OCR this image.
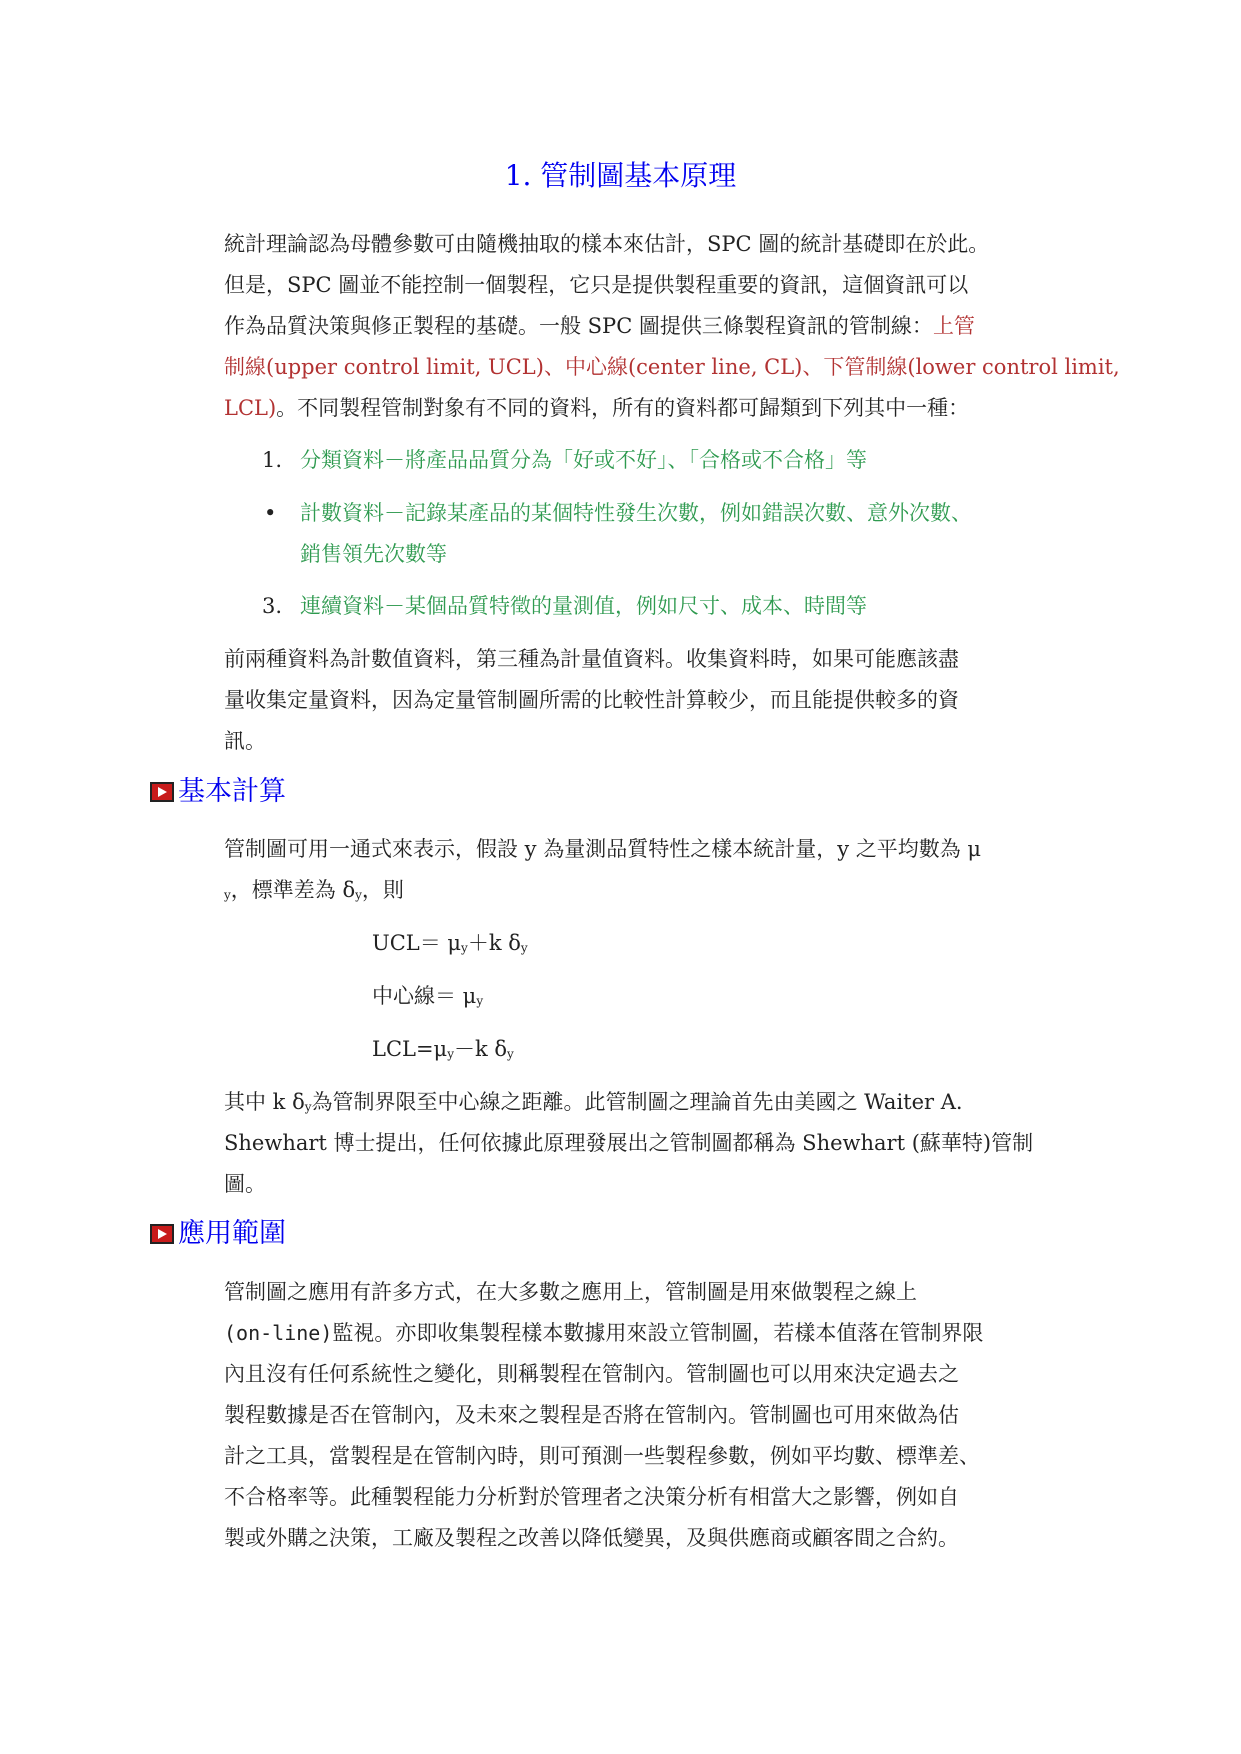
1. 管制圖基本原理

統計理論認為母體參數可由隨機抽取的樣本來估計，SPC 圖的統計基礎即在於此。

但是，SPC 圖並不能控制一個製程，它只是提供製程重要的資訊，這個資訊可以

作為品質決策與修正製程的基礎。一般 SPC 圖提供三條製程資訊的管制線：上管

制線(upper control limit, UCL)、中心線(center line, CL)、下管制線(lower control limit,

LCL)。不同製程管制對象有不同的資料，所有的資料都可歸類到下列其中一種：

1. 分類資料－將產品品質分為「好或不好」、「合格或不合格」等
•	計數資料－記錄某產品的某個特性發生次數，例如錯誤次數、意外次數、
銷售領先次數等
3. 連續資料－某個品質特徵的量測值，例如尺寸、成本、時間等

前兩種資料為計數值資料，第三種為計量值資料。收集資料時，如果可能應該盡

量收集定量資料，因為定量管制圖所需的比較性計算較少，而且能提供較多的資

訊。

基本計算

管制圖可用一通式來表示，假設 y 為量測品質特性之樣本統計量，y 之平均數為 μ

$_y$，標準差為 $\delta_y$，則

$UCL= \mu_y+k$ $\delta_y$
中心線＝ $\mu_y$
$LCL=\mu_y-k$ $\delta_y$

其中 k $\delta_y$為管制界限至中心線之距離。此管制圖之理論首先由美國之 Waiter A.

Shewhart 博士提出，任何依據此原理發展出之管制圖都稱為 Shewhart (蘇華特)管制

圖。

應用範圍

管制圖之應用有許多方式，在大多數之應用上，管制圖是用來做製程之線上

(on-line)監視。亦即收集製程樣本數據用來設立管制圖，若樣本值落在管制界限

內且沒有任何系統性之變化，則稱製程在管制內。管制圖也可以用來決定過去之

製程數據是否在管制內，及未來之製程是否將在管制內。管制圖也可用來做為估

計之工具，當製程是在管制內時，則可預測一些製程參數，例如平均數、標準差、

不合格率等。此種製程能力分析對於管理者之決策分析有相當大之影響，例如自

製或外購之決策，工廠及製程之改善以降低變異，及與供應商或顧客間之合約。
